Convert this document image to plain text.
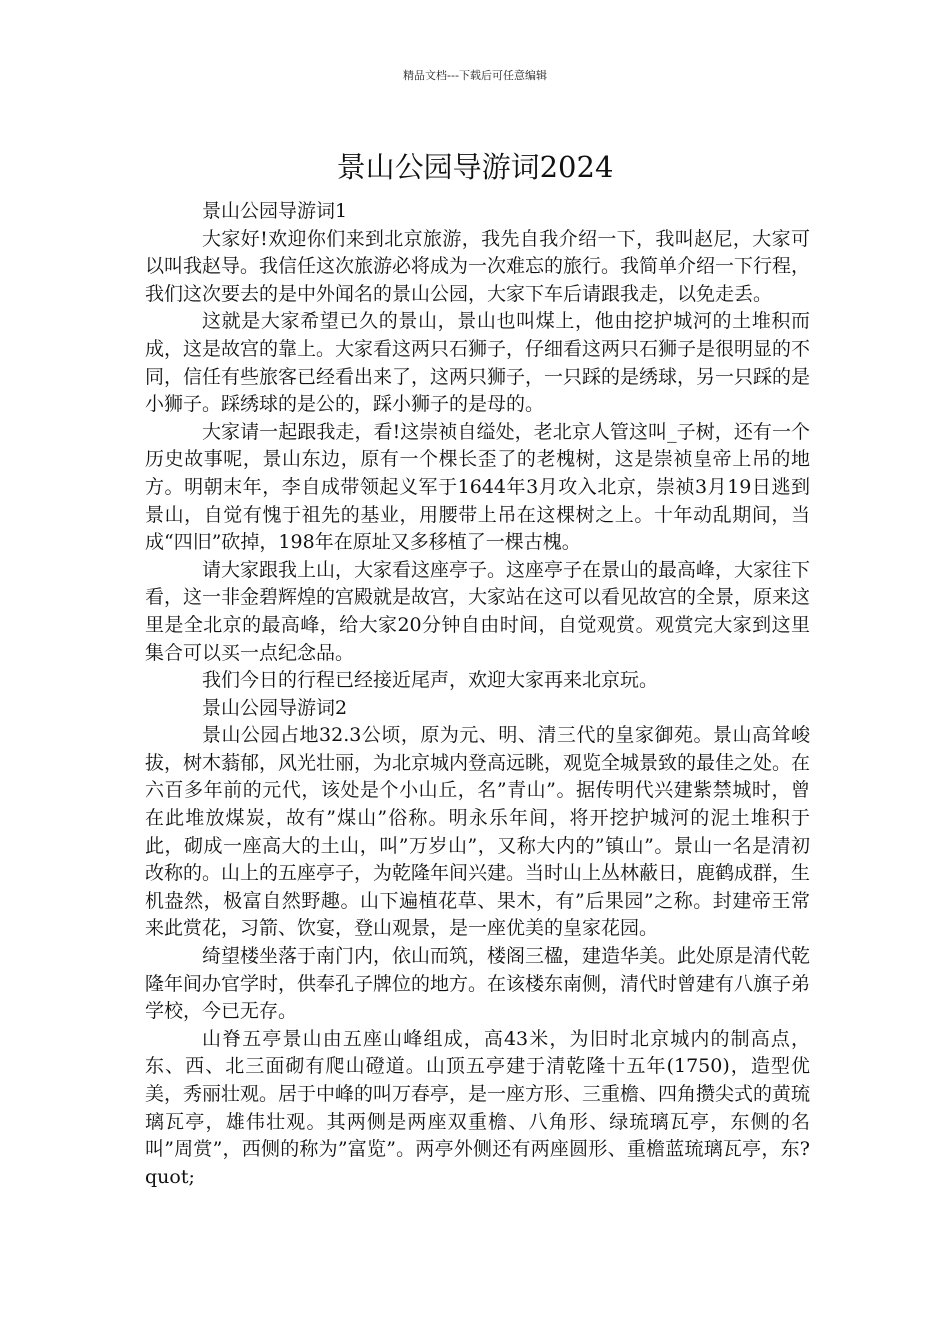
精品文档---下载后可任意编辑
景山公园导游词2024

景山公园导游词1

大家好!欢迎你们来到北京旅游，我先自我介绍一下，我叫赵尼，大家可以叫我赵导。我信任这次旅游必将成为一次难忘的旅行。我简单介绍一下行程，我们这次要去的是中外闻名的景山公园，大家下车后请跟我走，以免走丢。

这就是大家希望已久的景山，景山也叫煤上，他由挖护城河的土堆积而成，这是故宫的靠上。大家看这两只石狮子，仔细看这两只石狮子是很明显的不同，信任有些旅客已经看出来了，这两只狮子，一只踩的是绣球，另一只踩的是小狮子。踩绣球的是公的，踩小狮子的是母的。

大家请一起跟我走，看!这崇祯自缢处，老北京人管这叫_子树，还有一个历史故事呢，景山东边，原有一个棵长歪了的老槐树，这是崇祯皇帝上吊的地方。明朝末年，李自成带领起义军于1644年3月攻入北京，崇祯3月19日逃到景山，自觉有愧于祖先的基业，用腰带上吊在这棵树之上。十年动乱期间，当成“四旧”砍掉，198年在原址又多移植了一棵古槐。

请大家跟我上山，大家看这座亭子。这座亭子在景山的最高峰，大家往下看，这一非金碧辉煌的宫殿就是故宫，大家站在这可以看见故宫的全景，原来这里是全北京的最高峰，给大家20分钟自由时间，自觉观赏。观赏完大家到这里集合可以买一点纪念品。

我们今日的行程已经接近尾声，欢迎大家再来北京玩。

景山公园导游词2

景山公园占地32.3公顷，原为元、明、清三代的皇家御苑。景山高耸峻拔，树木蓊郁，风光壮丽，为北京城内登高远眺，观览全城景致的最佳之处。在六百多年前的元代，该处是个小山丘，名”青山”。据传明代兴建紫禁城时，曾在此堆放煤炭，故有”煤山”俗称。明永乐年间，将开挖护城河的泥土堆积于此，砌成一座高大的土山，叫”万岁山”，又称大内的”镇山”。景山一名是清初改称的。山上的五座亭子，为乾隆年间兴建。当时山上丛林蔽日，鹿鹤成群，生机盎然，极富自然野趣。山下遍植花草、果木，有”后果园”之称。封建帝王常来此赏花，习箭、饮宴，登山观景，是一座优美的皇家花园。

绮望楼坐落于南门内，依山而筑，楼阁三楹，建造华美。此处原是清代乾隆年间办官学时，供奉孔子牌位的地方。在该楼东南侧，清代时曾建有八旗子弟学校，今已无存。

山脊五亭景山由五座山峰组成，高43米，为旧时北京城内的制高点，东、西、北三面砌有爬山磴道。山顶五亭建于清乾隆十五年(1750)，造型优美，秀丽壮观。居于中峰的叫万春亭，是一座方形、三重檐、四角攒尖式的黄琉璃瓦亭，雄伟壮观。其两侧是两座双重檐、八角形、绿琉璃瓦亭，东侧的名叫”周赏”，西侧的称为”富览”。两亭外侧还有两座圆形、重檐蓝琉璃瓦亭，东?quot;
